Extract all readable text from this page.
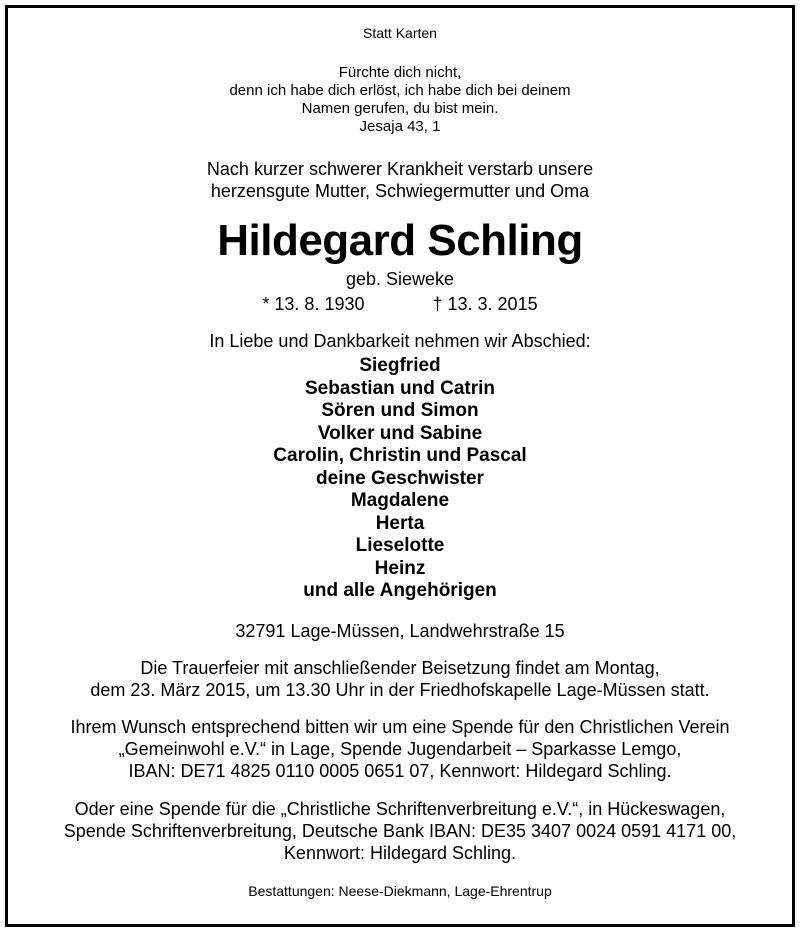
Statt Karten
Fürchte dich nicht,
denn ich habe dich erlöst, ich habe dich bei deinem
Namen gerufen, du bist mein.
Jesaja 43, 1
Nach kurzer schwerer Krankheit verstarb unsere
herzensgute Mutter, Schwiegermutter und Oma
Hildegard Schling
geb. Sieweke
* 13. 8. 1930	† 13. 3. 2015
In Liebe und Dankbarkeit nehmen wir Abschied:
Siegfried
Sebastian und Catrin
Sören und Simon
Volker und Sabine
Carolin, Christin und Pascal
deine Geschwister
Magdalene
Herta
Lieselotte
Heinz
und alle Angehörigen
32791 Lage-Müssen, Landwehrstraße 15
Die Trauerfeier mit anschließender Beisetzung findet am Montag,
dem 23. März 2015, um 13.30 Uhr in der Friedhofskapelle Lage-Müssen statt.
Ihrem Wunsch entsprechend bitten wir um eine Spende für den Christlichen Verein
„Gemeinwohl e.V.“ in Lage, Spende Jugendarbeit – Sparkasse Lemgo,
IBAN: DE71 4825 0110 0005 0651 07, Kennwort: Hildegard Schling.
Oder eine Spende für die „Christliche Schriftenverbreitung e.V.“, in Hückeswagen,
Spende Schriftenverbreitung, Deutsche Bank IBAN: DE35 3407 0024 0591 4171 00,
Kennwort: Hildegard Schling.
Bestattungen: Neese-Diekmann, Lage-Ehrentrup
